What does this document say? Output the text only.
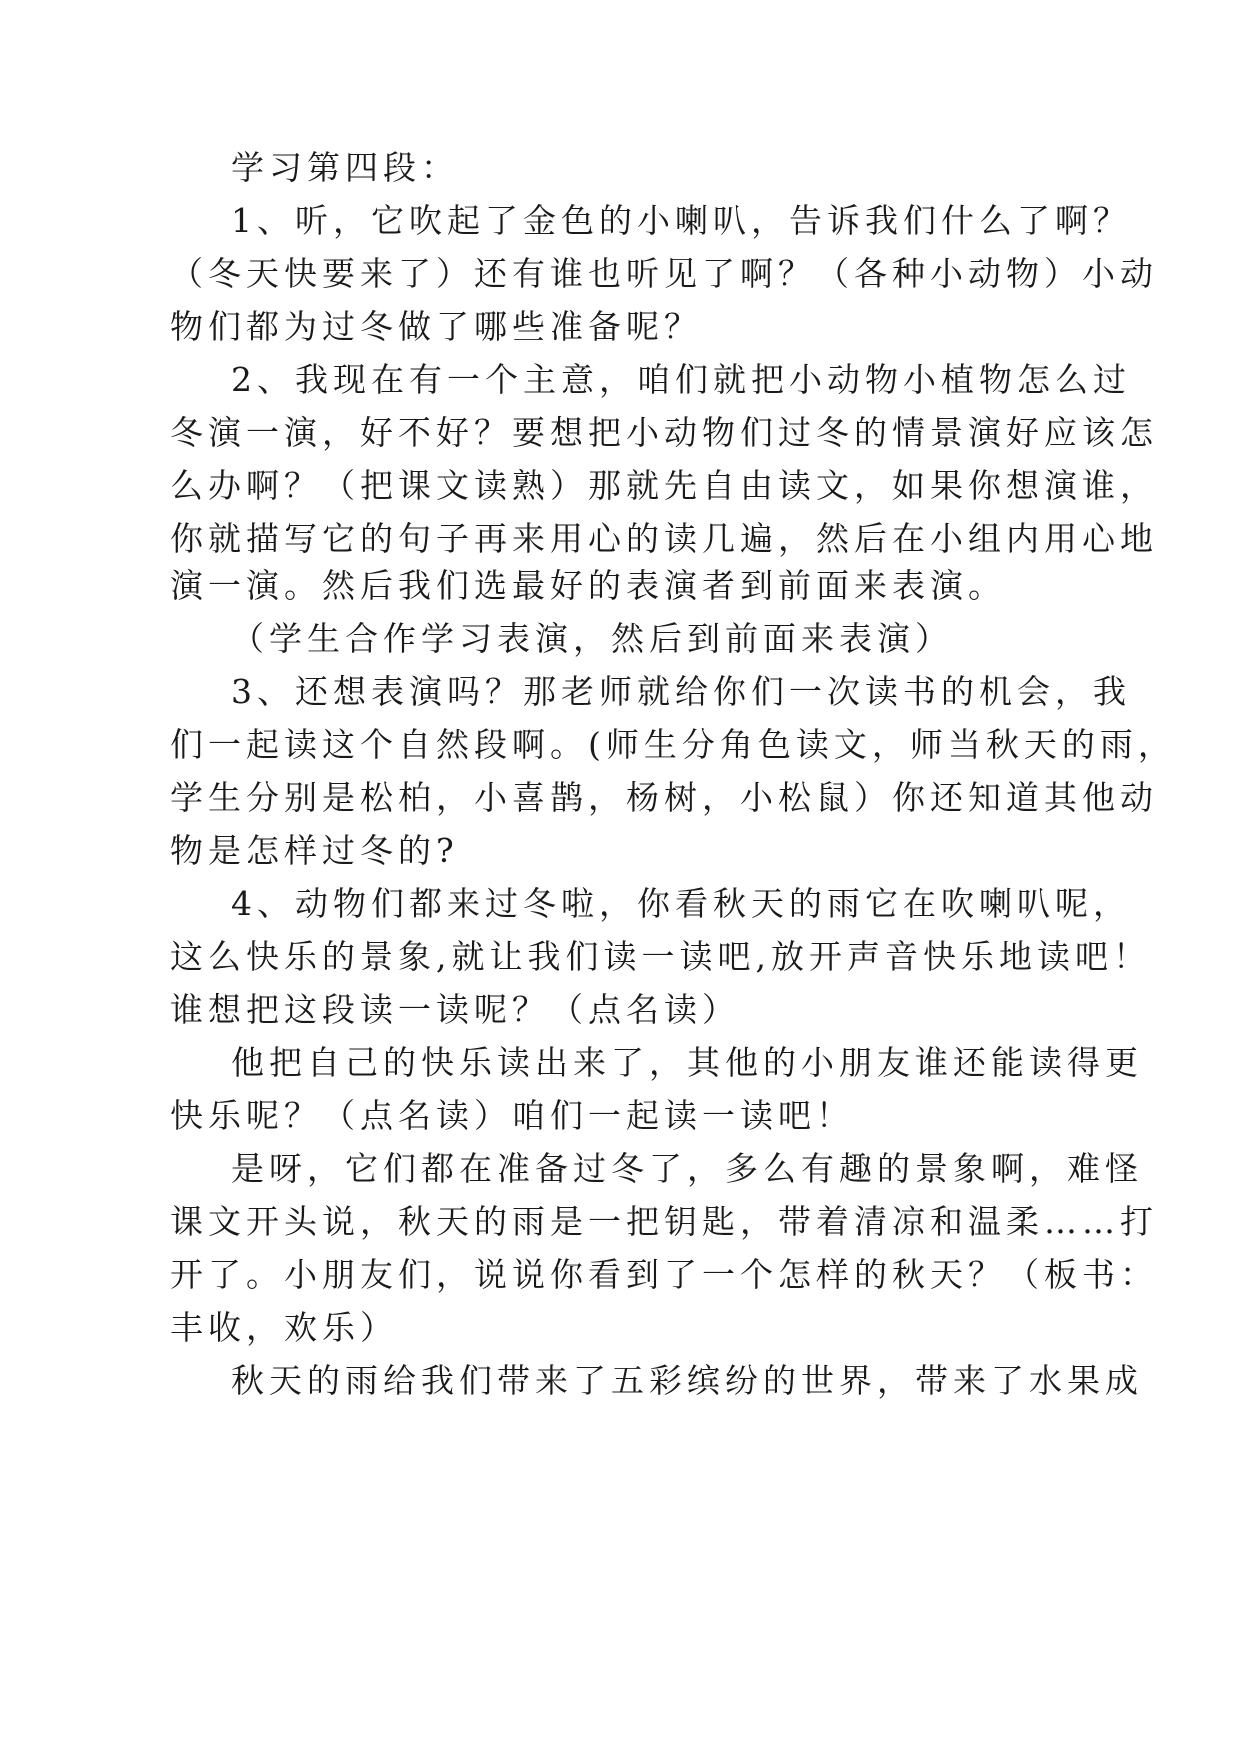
学习第四段：
1、听，它吹起了金色的小喇叭，告诉我们什么了啊？
（冬天快要来了）还有谁也听见了啊？（各种小动物）小动
物们都为过冬做了哪些准备呢？
2、我现在有一个主意，咱们就把小动物小植物怎么过
冬演一演，好不好？要想把小动物们过冬的情景演好应该怎
么办啊？（把课文读熟）那就先自由读文，如果你想演谁，
你就描写它的句子再来用心的读几遍，然后在小组内用心地
演一演。然后我们选最好的表演者到前面来表演。
（学生合作学习表演，然后到前面来表演）
3、还想表演吗？那老师就给你们一次读书的机会，我
们一起读这个自然段啊。(师生分角色读文，师当秋天的雨，
学生分别是松柏，小喜鹊，杨树，小松鼠）你还知道其他动
物是怎样过冬的?
4、动物们都来过冬啦，你看秋天的雨它在吹喇叭呢，
这么快乐的景象,就让我们读一读吧,放开声音快乐地读吧！
谁想把这段读一读呢？（点名读）
他把自己的快乐读出来了，其他的小朋友谁还能读得更
快乐呢？（点名读）咱们一起读一读吧！
是呀，它们都在准备过冬了，多么有趣的景象啊，难怪
课文开头说，秋天的雨是一把钥匙，带着清凉和温柔……打
开了。小朋友们，说说你看到了一个怎样的秋天？（板书：
丰收，欢乐）
秋天的雨给我们带来了五彩缤纷的世界，带来了水果成
